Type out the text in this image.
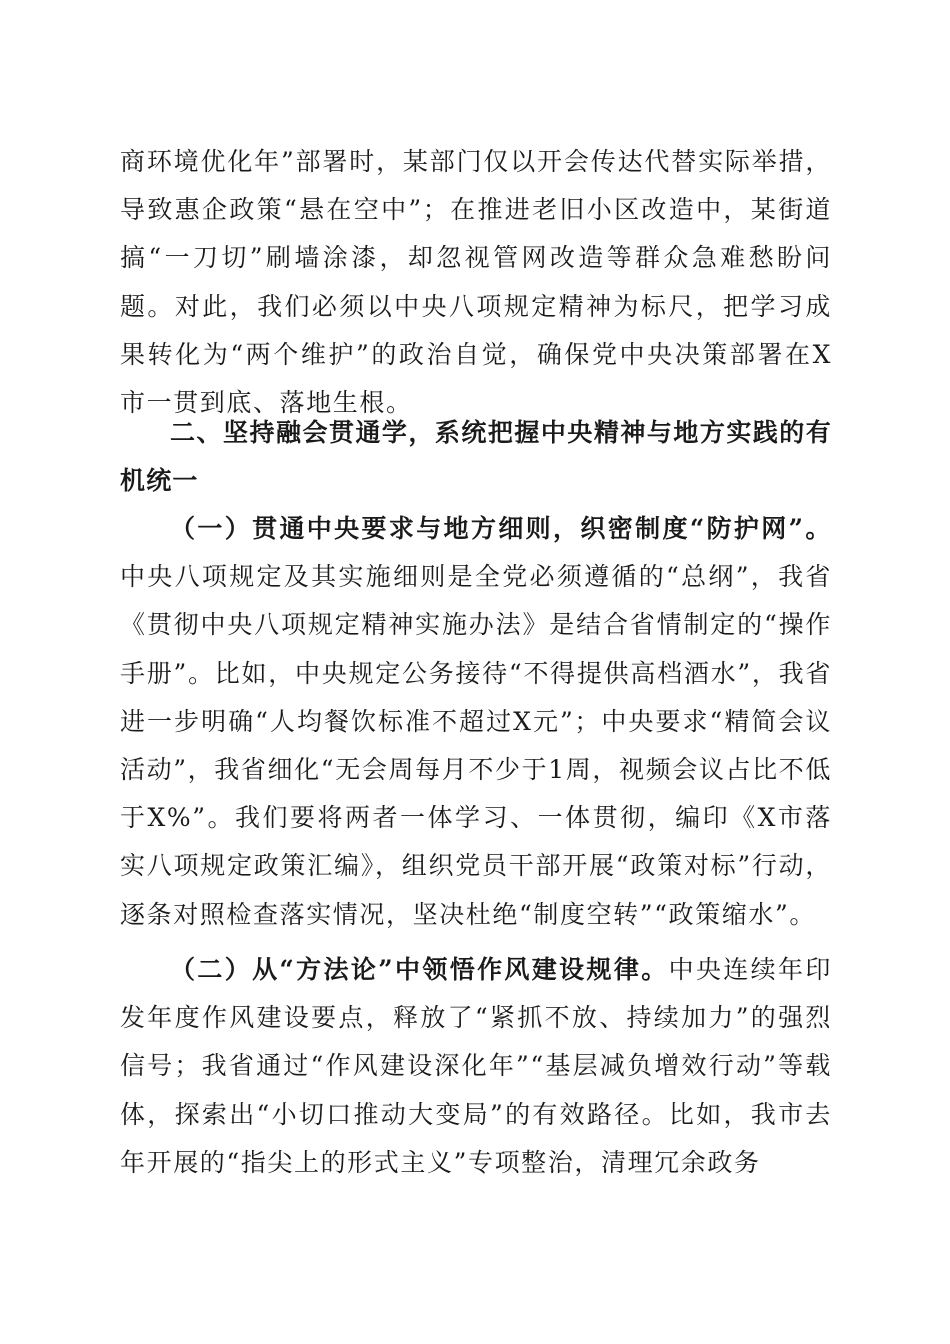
商环境优化年”部署时，某部门仅以开会传达代替实际举措，导致惠企政策“悬在空中”；在推进老旧小区改造中，某街道搞“一刀切”刷墙涂漆，却忽视管网改造等群众急难愁盼问题。对此，我们必须以中央八项规定精神为标尺，把学习成果转化为“两个维护”的政治自觉，确保党中央决策部署在X市一贯到底、落地生根。

二、坚持融会贯通学，系统把握中央精神与地方实践的有机统一

（一）贯通中央要求与地方细则，织密制度“防护网”。中央八项规定及其实施细则是全党必须遵循的“总纲”，我省《贯彻中央八项规定精神实施办法》是结合省情制定的“操作手册”。比如，中央规定公务接待“不得提供高档酒水”，我省进一步明确“人均餐饮标准不超过X元”；中央要求“精简会议活动”，我省细化“无会周每月不少于1周，视频会议占比不低于X%”。我们要将两者一体学习、一体贯彻，编印《X市落实八项规定政策汇编》，组织党员干部开展“政策对标”行动，逐条对照检查落实情况，坚决杜绝“制度空转”“政策缩水”。

（二）从“方法论”中领悟作风建设规律。中央连续年印发年度作风建设要点，释放了“紧抓不放、持续加力”的强烈信号；我省通过“作风建设深化年”“基层减负增效行动”等载体，探索出“小切口推动大变局”的有效路径。比如，我市去年开展的“指尖上的形式主义”专项整治，清理冗余政务
